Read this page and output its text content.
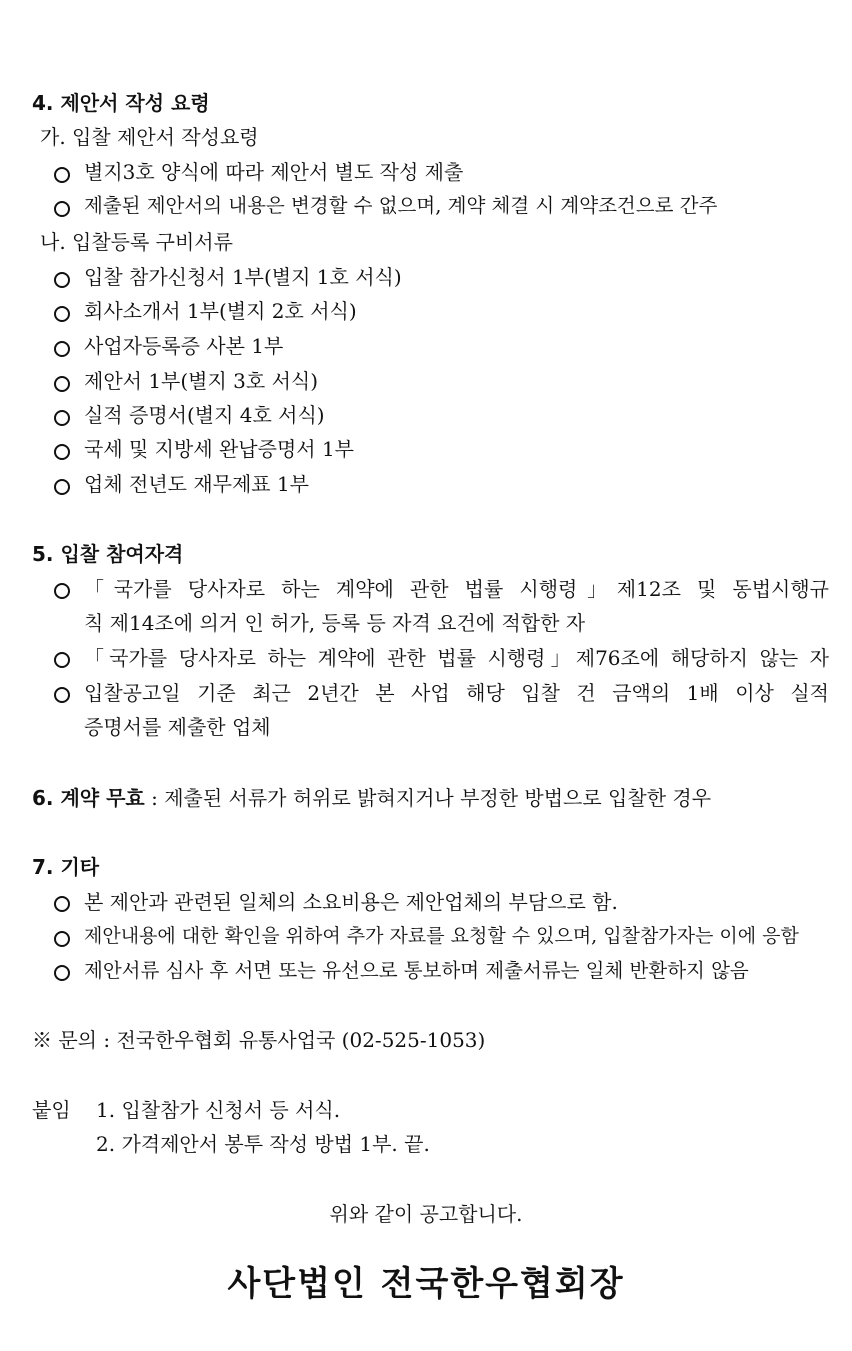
4. 제안서 작성 요령
가. 입찰 제안서 작성요령
별지3호 양식에 따라 제안서 별도 작성 제출
제출된 제안서의 내용은 변경할 수 없으며, 계약 체결 시 계약조건으로 간주
나. 입찰등록 구비서류
입찰 참가신청서 1부(별지 1호 서식)
회사소개서 1부(별지 2호 서식)
사업자등록증 사본 1부
제안서 1부(별지 3호 서식)
실적 증명서(별지 4호 서식)
국세 및 지방세 완납증명서 1부
업체 전년도 재무제표 1부
5. 입찰 참여자격
「국가를 당사자로 하는 계약에 관한 법률 시행령」제12조 및 동법시행규
칙 제14조에 의거 인 허가, 등록 등 자격 요건에 적합한 자
「국가를 당사자로 하는 계약에 관한 법률 시행령」제76조에 해당하지 않는 자
입찰공고일 기준 최근 2년간 본 사업 해당 입찰 건 금액의 1배 이상 실적
증명서를 제출한 업체
6. 계약 무효 : 제출된 서류가 허위로 밝혀지거나 부정한 방법으로 입찰한 경우
7. 기타
본 제안과 관련된 일체의 소요비용은 제안업체의 부담으로 함.
제안내용에 대한 확인을 위하여 추가 자료를 요청할 수 있으며, 입찰참가자는 이에 응함
제안서류 심사 후 서면 또는 유선으로 통보하며 제출서류는 일체 반환하지 않음
※ 문의 : 전국한우협회 유통사업국 (02-525-1053)
붙임 1. 입찰참가 신청서 등 서식.
2. 가격제안서 봉투 작성 방법 1부. 끝.
위와 같이 공고합니다.
사단법인 전국한우협회장
